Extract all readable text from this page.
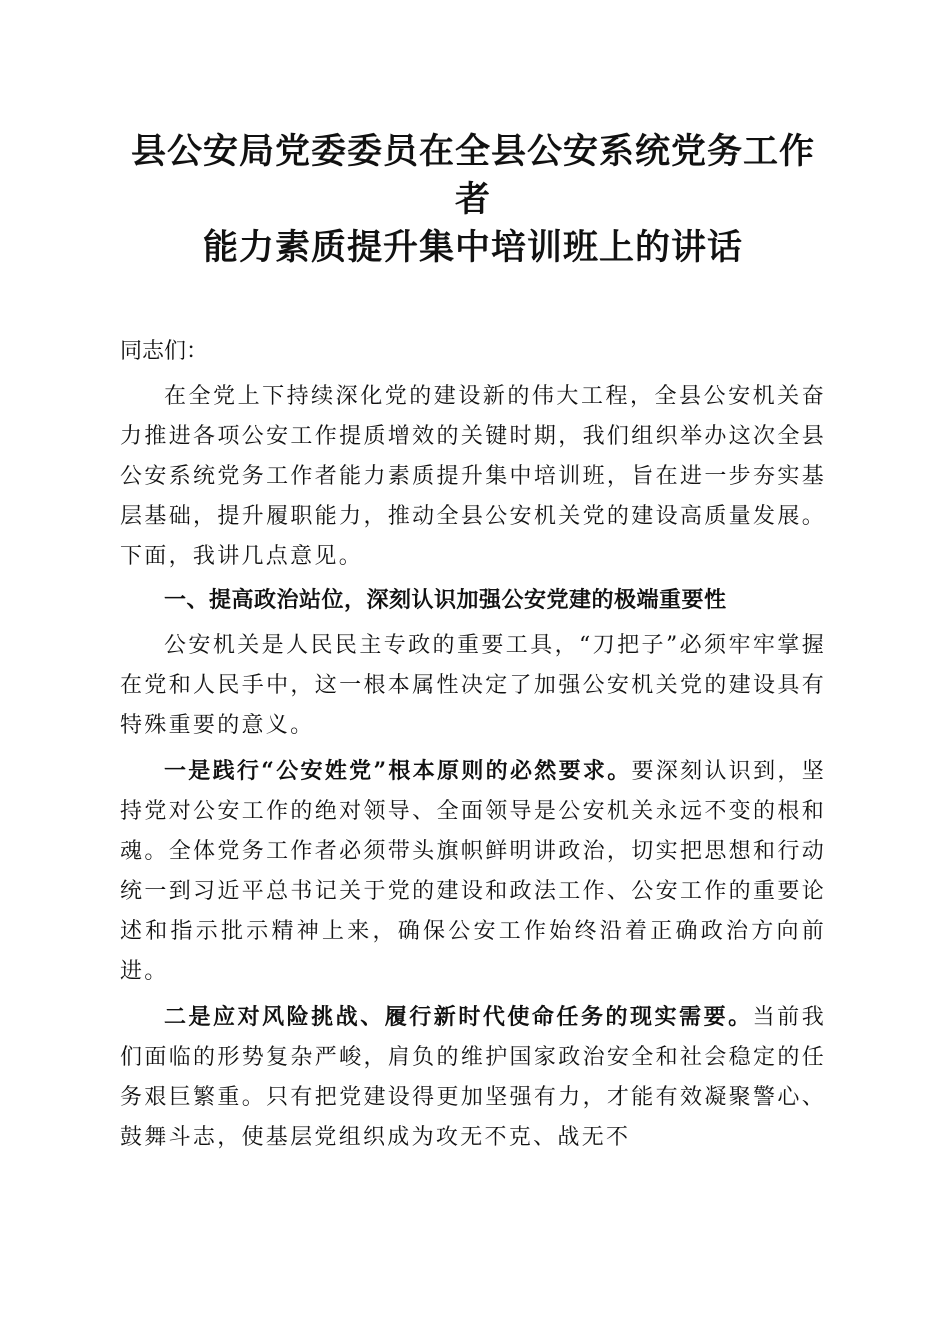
县公安局党委委员在全县公安系统党务工作者
能力素质提升集中培训班上的讲话

同志们：

在全党上下持续深化党的建设新的伟大工程，全县公安机关奋力推进各项公安工作提质增效的关键时期，我们组织举办这次全县公安系统党务工作者能力素质提升集中培训班，旨在进一步夯实基层基础，提升履职能力，推动全县公安机关党的建设高质量发展。下面，我讲几点意见。

一、提高政治站位，深刻认识加强公安党建的极端重要性

公安机关是人民民主专政的重要工具，“刀把子”必须牢牢掌握在党和人民手中，这一根本属性决定了加强公安机关党的建设具有特殊重要的意义。

一是践行“公安姓党”根本原则的必然要求。要深刻认识到，坚持党对公安工作的绝对领导、全面领导是公安机关永远不变的根和魂。全体党务工作者必须带头旗帜鲜明讲政治，切实把思想和行动统一到习近平总书记关于党的建设和政法工作、公安工作的重要论述和指示批示精神上来，确保公安工作始终沿着正确政治方向前进。

二是应对风险挑战、履行新时代使命任务的现实需要。当前我们面临的形势复杂严峻，肩负的维护国家政治安全和社会稳定的任务艰巨繁重。只有把党建设得更加坚强有力，才能有效凝聚警心、鼓舞斗志，使基层党组织成为攻无不克、战无不
